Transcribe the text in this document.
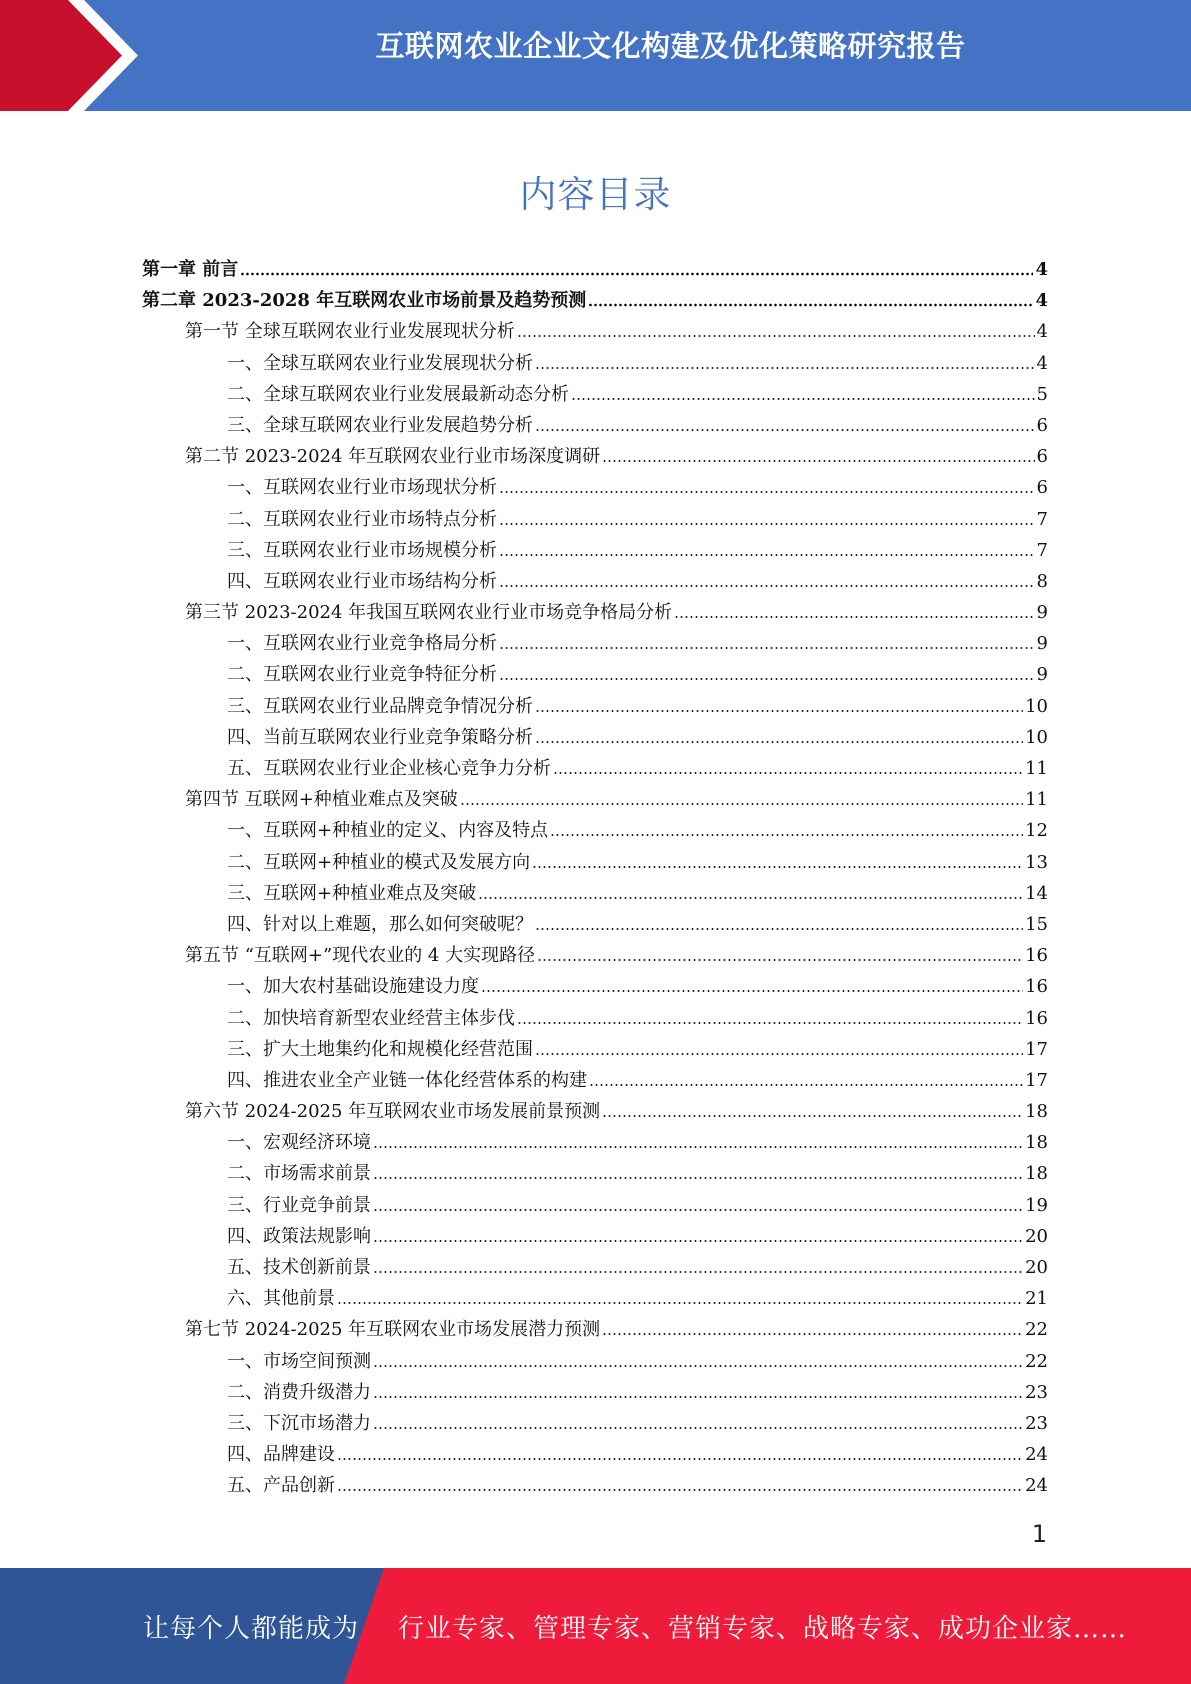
互联网农业企业文化构建及优化策略研究报告
内容目录
第一章 前言	4
第二章 2023-2028 年互联网农业市场前景及趋势预测	4
第一节 全球互联网农业行业发展现状分析	4
一、全球互联网农业行业发展现状分析	4
二、全球互联网农业行业发展最新动态分析	5
三、全球互联网农业行业发展趋势分析	6
第二节 2023-2024 年互联网农业行业市场深度调研	6
一、互联网农业行业市场现状分析	6
二、互联网农业行业市场特点分析	7
三、互联网农业行业市场规模分析	7
四、互联网农业行业市场结构分析	8
第三节 2023-2024 年我国互联网农业行业市场竞争格局分析	9
一、互联网农业行业竞争格局分析	9
二、互联网农业行业竞争特征分析	9
三、互联网农业行业品牌竞争情况分析	10
四、当前互联网农业行业竞争策略分析	10
五、互联网农业行业企业核心竞争力分析	11
第四节 互联网+种植业难点及突破	11
一、互联网+种植业的定义、内容及特点	12
二、互联网+种植业的模式及发展方向	13
三、互联网+种植业难点及突破	14
四、针对以上难题，那么如何突破呢？	15
第五节 “互联网+”现代农业的 4 大实现路径	16
一、加大农村基础设施建设力度	16
二、加快培育新型农业经营主体步伐	16
三、扩大土地集约化和规模化经营范围	17
四、推进农业全产业链一体化经营体系的构建	17
第六节 2024-2025 年互联网农业市场发展前景预测	18
一、宏观经济环境	18
二、市场需求前景	18
三、行业竞争前景	19
四、政策法规影响	20
五、技术创新前景	20
六、其他前景	21
第七节 2024-2025 年互联网农业市场发展潜力预测	22
一、市场空间预测	22
二、消费升级潜力	23
三、下沉市场潜力	23
四、品牌建设	24
五、产品创新	24
1
让每个人都能成为 行业专家、管理专家、营销专家、战略专家、成功企业家……
